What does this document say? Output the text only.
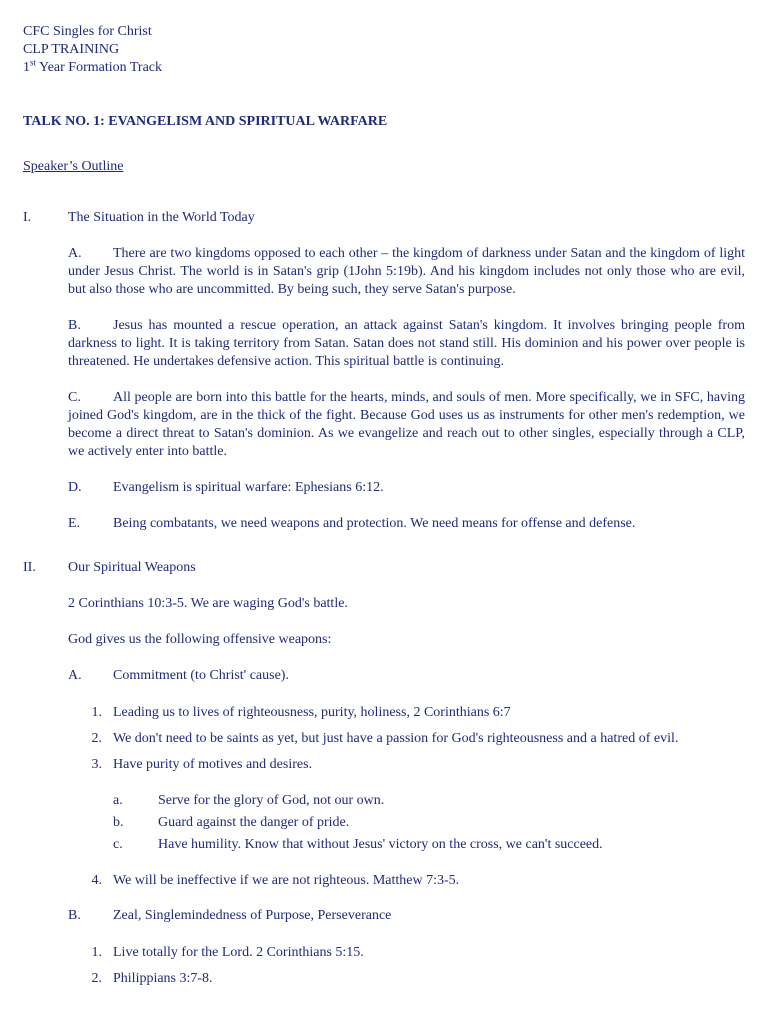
CFC Singles for Christ
CLP TRAINING
1st Year Formation Track
TALK NO. 1: EVANGELISM AND SPIRITUAL WARFARE
Speaker’s Outline
I.	The Situation in the World Today
A. There are two kingdoms opposed to each other – the kingdom of darkness under Satan and the kingdom of light under Jesus Christ. The world is in Satan's grip (1John 5:19b). And his kingdom includes not only those who are evil, but also those who are uncommitted. By being such, they serve Satan's purpose.
B. Jesus has mounted a rescue operation, an attack against Satan's kingdom. It involves bringing people from darkness to light. It is taking territory from Satan. Satan does not stand still. His dominion and his power over people is threatened. He undertakes defensive action. This spiritual battle is continuing.
C. All people are born into this battle for the hearts, minds, and souls of men. More specifically, we in SFC, having joined God's kingdom, are in the thick of the fight. Because God uses us as instruments for other men's redemption, we become a direct threat to Satan's dominion. As we evangelize and reach out to other singles, especially through a CLP, we actively enter into battle.
D. Evangelism is spiritual warfare: Ephesians 6:12.
E. Being combatants, we need weapons and protection. We need means for offense and defense.
II. Our Spiritual Weapons
2 Corinthians 10:3-5. We are waging God's battle.
God gives us the following offensive weapons:
A. Commitment (to Christ' cause).
1. Leading us to lives of righteousness, purity, holiness, 2 Corinthians 6:7
2. We don't need to be saints as yet, but just have a passion for God's righteousness and a hatred of evil.
3. Have purity of motives and desires.
a.	Serve for the glory of God, not our own.
b. Guard against the danger of pride.
c.	Have humility. Know that without Jesus' victory on the cross, we can't succeed.
4. We will be ineffective if we are not righteous. Matthew 7:3-5.
B. Zeal, Singlemindedness of Purpose, Perseverance
1. Live totally for the Lord. 2 Corinthians 5:15.
2. Philippians 3:7-8.
